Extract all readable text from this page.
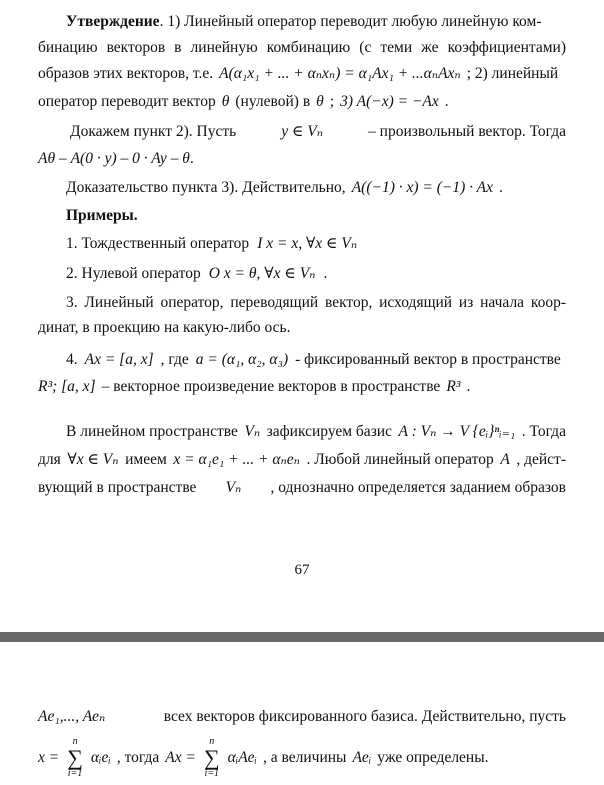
Утверждение. 1) Линейный оператор переводит любую линейную ком-
бинацию векторов в линейную комбинацию (с теми же коэффициентами)
образов этих векторов, т.е. A(α₁x₁ + ... + αₙxₙ) = α₁Ax₁ + ...αₙAxₙ ; 2) линейный
оператор переводит вектор θ (нулевой) в θ ; 3) A(−x) = −Ax .
Докажем пункт 2). Пусть	y ∈ Vₙ	– произвольный вектор. Тогда
Aθ – A(0 · y) – 0 · Ay – θ.
Доказательство пункта 3). Действительно, A((−1) · x) = (−1) · Ax .
Примеры.
1. Тождественный оператор I x = x, ∀x ∈ Vₙ
2. Нулевой оператор O x = θ, ∀x ∈ Vₙ .
3. Линейный оператор, переводящий вектор, исходящий из начала коор-
динат, в проекцию на какую-либо ось.
4. Ax = [a, x] , где a = (α₁, α₂, α₃) - фиксированный вектор в пространстве
R³; [a, x] – векторное произведение векторов в пространстве R³ .
В линейном пространстве Vₙ зафиксируем базис A : Vₙ → V {eᵢ}ⁿᵢ₌₁ . Тогда
для ∀x ∈ Vₙ имеем x = α₁e₁ + ... + αₙeₙ . Любой линейный оператор A , дейст-
вующий в пространстве Vₙ , однозначно определяется заданием образов
67
Ae₁,..., Aeₙ	всех векторов фиксированного базиса. Действительно, пусть
x =
n
∑
i=1
αᵢeᵢ , тогда Ax =
n
∑
i=1
αᵢAeᵢ , а величины Aeᵢ уже определены.
